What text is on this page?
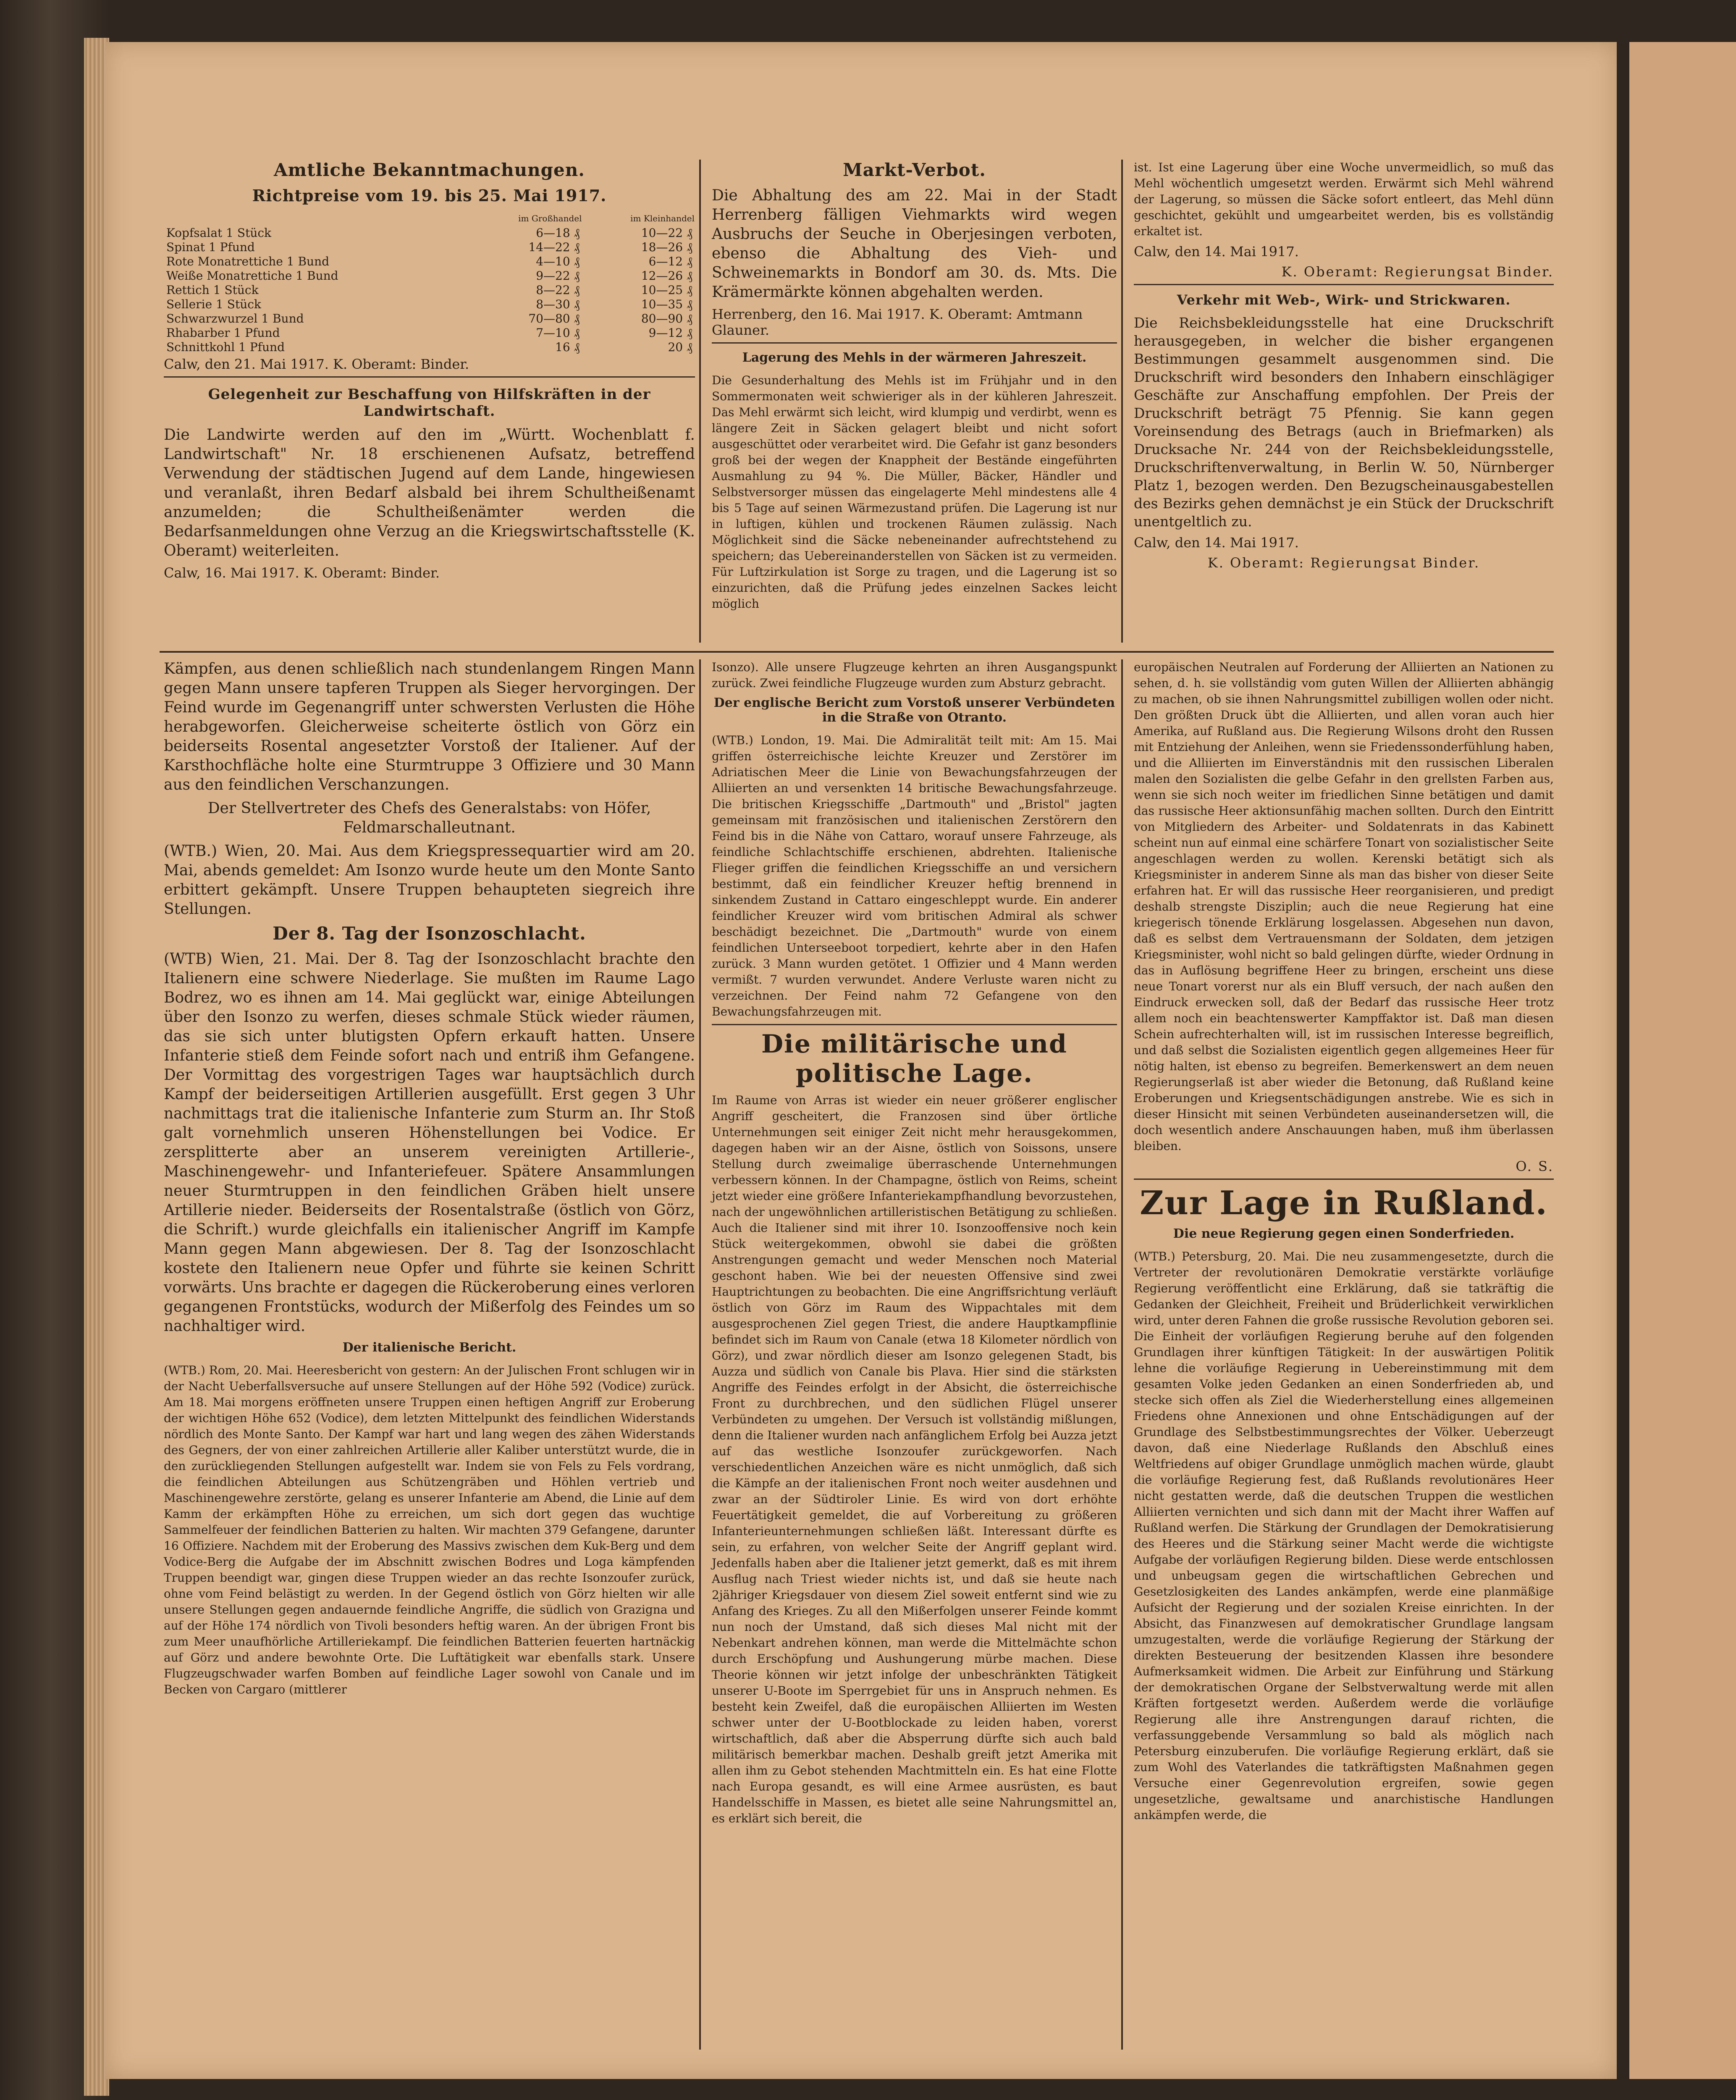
Amtliche Bekanntmachungen.
Richtpreise vom 19. bis 25. Mai 1917.
	im Großhandel	im Kleinhandel
Kopfsalat 1 Stück	6—18 ₰	10—22 ₰
Spinat 1 Pfund	14—22 ₰	18—26 ₰
Rote Monatrettiche 1 Bund	4—10 ₰	6—12 ₰
Weiße Monatrettiche 1 Bund	9—22 ₰	12—26 ₰
Rettich 1 Stück	8—22 ₰	10—25 ₰
Sellerie 1 Stück	8—30 ₰	10—35 ₰
Schwarzwurzel 1 Bund	70—80 ₰	80—90 ₰
Rhabarber 1 Pfund	7—10 ₰	9—12 ₰
Schnittkohl 1 Pfund	16 ₰	20 ₰
Calw, den 21. Mai 1917. K. Oberamt: Binder.
Gelegenheit zur Beschaffung von Hilfskräften in der Landwirtschaft.
Die Landwirte werden auf den im „Württ. Wochenblatt f. Landwirtschaft" Nr. 18 erschienenen Aufsatz, betreffend Verwendung der städtischen Jugend auf dem Lande, hingewiesen und veranlaßt, ihren Bedarf alsbald bei ihrem Schultheißenamt anzumelden; die Schultheißenämter werden die Bedarfsanmeldungen ohne Verzug an die Kriegswirtschaftsstelle (K. Oberamt) weiterleiten.
Calw, 16. Mai 1917. K. Oberamt: Binder.
Markt-Verbot.
Die Abhaltung des am 22. Mai in der Stadt Herrenberg fälligen Viehmarkts wird wegen Ausbruchs der Seuche in Oberjesingen verboten, ebenso die Abhaltung des Vieh- und Schweinemarkts in Bondorf am 30. ds. Mts. Die Krämermärkte können abgehalten werden.
Herrenberg, den 16. Mai 1917. K. Oberamt: Amtmann Glauner.
Lagerung des Mehls in der wärmeren Jahreszeit.
Die Gesunderhaltung des Mehls ist im Frühjahr und in den Sommermonaten weit schwieriger als in der kühleren Jahreszeit. Das Mehl erwärmt sich leicht, wird klumpig und verdirbt, wenn es längere Zeit in Säcken gelagert bleibt und nicht sofort ausgeschüttet oder verarbeitet wird. Die Gefahr ist ganz besonders groß bei der wegen der Knappheit der Bestände eingeführten Ausmahlung zu 94 %. Die Müller, Bäcker, Händler und Selbstversorger müssen das eingelagerte Mehl mindestens alle 4 bis 5 Tage auf seinen Wärmezustand prüfen. Die Lagerung ist nur in luftigen, kühlen und trockenen Räumen zulässig. Nach Möglichkeit sind die Säcke nebeneinander aufrechtstehend zu speichern; das Uebereinanderstellen von Säcken ist zu vermeiden. Für Luftzirkulation ist Sorge zu tragen, und die Lagerung ist so einzurichten, daß die Prüfung jedes einzelnen Sackes leicht möglich
ist. Ist eine Lagerung über eine Woche unvermeidlich, so muß das Mehl wöchentlich umgesetzt werden. Erwärmt sich Mehl während der Lagerung, so müssen die Säcke sofort entleert, das Mehl dünn geschichtet, gekühlt und umgearbeitet werden, bis es vollständig erkaltet ist.
Calw, den 14. Mai 1917.
K. Oberamt: Regierungsat Binder.
Verkehr mit Web-, Wirk- und Strickwaren.
Die Reichsbekleidungsstelle hat eine Druckschrift herausgegeben, in welcher die bisher ergangenen Bestimmungen gesammelt ausgenommen sind. Die Druckschrift wird besonders den Inhabern einschlägiger Geschäfte zur Anschaffung empfohlen. Der Preis der Druckschrift beträgt 75 Pfennig. Sie kann gegen Voreinsendung des Betrags (auch in Briefmarken) als Drucksache Nr. 244 von der Reichsbekleidungsstelle, Druckschriftenverwaltung, in Berlin W. 50, Nürnberger Platz 1, bezogen werden. Den Bezugscheinausgabestellen des Bezirks gehen demnächst je ein Stück der Druckschrift unentgeltlich zu.
Calw, den 14. Mai 1917.
K. Oberamt: Regierungsat Binder.
Kämpfen, aus denen schließlich nach stundenlangem Ringen Mann gegen Mann unsere tapferen Truppen als Sieger hervorgingen. Der Feind wurde im Gegenangriff unter schwersten Verlusten die Höhe herabgeworfen. Gleicherweise scheiterte östlich von Görz ein beiderseits Rosental angesetzter Vorstoß der Italiener. Auf der Karsthochfläche holte eine Sturmtruppe 3 Offiziere und 30 Mann aus den feindlichen Verschanzungen.
Der Stellvertreter des Chefs des Generalstabs: von Höfer, Feldmarschalleutnant.
(WTB.) Wien, 20. Mai. Aus dem Kriegspressequartier wird am 20. Mai, abends gemeldet: Am Isonzo wurde heute um den Monte Santo erbittert gekämpft. Unsere Truppen behaupteten siegreich ihre Stellungen.
Der 8. Tag der Isonzoschlacht.
(WTB) Wien, 21. Mai. Der 8. Tag der Isonzoschlacht brachte den Italienern eine schwere Niederlage. Sie mußten im Raume Lago Bodrez, wo es ihnen am 14. Mai geglückt war, einige Abteilungen über den Isonzo zu werfen, dieses schmale Stück wieder räumen, das sie sich unter blutigsten Opfern erkauft hatten. Unsere Infanterie stieß dem Feinde sofort nach und entriß ihm Gefangene. Der Vormittag des vorgestrigen Tages war hauptsächlich durch Kampf der beiderseitigen Artillerien ausgefüllt. Erst gegen 3 Uhr nachmittags trat die italienische Infanterie zum Sturm an. Ihr Stoß galt vornehmlich unseren Höhenstellungen bei Vodice. Er zersplitterte aber an unserem vereinigten Artillerie-, Maschinengewehr- und Infanteriefeuer. Spätere Ansammlungen neuer Sturmtruppen in den feindlichen Gräben hielt unsere Artillerie nieder. Beiderseits der Rosentalstraße (östlich von Görz, die Schrift.) wurde gleichfalls ein italienischer Angriff im Kampfe Mann gegen Mann abgewiesen. Der 8. Tag der Isonzoschlacht kostete den Italienern neue Opfer und führte sie keinen Schritt vorwärts. Uns brachte er dagegen die Rückeroberung eines verloren gegangenen Frontstücks, wodurch der Mißerfolg des Feindes um so nachhaltiger wird.
Der italienische Bericht.
(WTB.) Rom, 20. Mai. Heeresbericht von gestern: An der Julischen Front schlugen wir in der Nacht Ueberfallsversuche auf unsere Stellungen auf der Höhe 592 (Vodice) zurück. Am 18. Mai morgens eröffneten unsere Truppen einen heftigen Angriff zur Eroberung der wichtigen Höhe 652 (Vodice), dem letzten Mittelpunkt des feindlichen Widerstands nördlich des Monte Santo. Der Kampf war hart und lang wegen des zähen Widerstands des Gegners, der von einer zahlreichen Artillerie aller Kaliber unterstützt wurde, die in den zurückliegenden Stellungen aufgestellt war. Indem sie von Fels zu Fels vordrang, die feindlichen Abteilungen aus Schützengräben und Höhlen vertrieb und Maschinengewehre zerstörte, gelang es unserer Infanterie am Abend, die Linie auf dem Kamm der erkämpften Höhe zu erreichen, um sich dort gegen das wuchtige Sammelfeuer der feindlichen Batterien zu halten. Wir machten 379 Gefangene, darunter 16 Offiziere. Nachdem mit der Eroberung des Massivs zwischen dem Kuk-Berg und dem Vodice-Berg die Aufgabe der im Abschnitt zwischen Bodres und Loga kämpfenden Truppen beendigt war, gingen diese Truppen wieder an das rechte Isonzoufer zurück, ohne vom Feind belästigt zu werden. In der Gegend östlich von Görz hielten wir alle unsere Stellungen gegen andauernde feindliche Angriffe, die südlich von Grazigna und auf der Höhe 174 nördlich von Tivoli besonders heftig waren. An der übrigen Front bis zum Meer unaufhörliche Artilleriekampf. Die feindlichen Batterien feuerten hartnäckig auf Görz und andere bewohnte Orte. Die Luftätigkeit war ebenfalls stark. Unsere Flugzeugschwader warfen Bomben auf feindliche Lager sowohl von Canale und im Becken von Cargaro (mittlerer
Isonzo). Alle unsere Flugzeuge kehrten an ihren Ausgangspunkt zurück. Zwei feindliche Flugzeuge wurden zum Absturz gebracht.
Der englische Bericht zum Vorstoß unserer Verbündeten in die Straße von Otranto.
(WTB.) London, 19. Mai. Die Admiralität teilt mit: Am 15. Mai griffen österreichische leichte Kreuzer und Zerstörer im Adriatischen Meer die Linie von Bewachungsfahrzeugen der Alliierten an und versenkten 14 britische Bewachungsfahrzeuge. Die britischen Kriegsschiffe „Dartmouth" und „Bristol" jagten gemeinsam mit französischen und italienischen Zerstörern den Feind bis in die Nähe von Cattaro, worauf unsere Fahrzeuge, als feindliche Schlachtschiffe erschienen, abdrehten. Italienische Flieger griffen die feindlichen Kriegsschiffe an und versichern bestimmt, daß ein feindlicher Kreuzer heftig brennend in sinkendem Zustand in Cattaro eingeschleppt wurde. Ein anderer feindlicher Kreuzer wird vom britischen Admiral als schwer beschädigt bezeichnet. Die „Dartmouth" wurde von einem feindlichen Unterseeboot torpediert, kehrte aber in den Hafen zurück. 3 Mann wurden getötet. 1 Offizier und 4 Mann werden vermißt. 7 wurden verwundet. Andere Verluste waren nicht zu verzeichnen. Der Feind nahm 72 Gefangene von den Bewachungsfahrzeugen mit.
Die militärische und politische Lage.
Im Raume von Arras ist wieder ein neuer größerer englischer Angriff gescheitert, die Franzosen sind über örtliche Unternehmungen seit einiger Zeit nicht mehr herausgekommen, dagegen haben wir an der Aisne, östlich von Soissons, unsere Stellung durch zweimalige überraschende Unternehmungen verbessern können. In der Champagne, östlich von Reims, scheint jetzt wieder eine größere Infanteriekampfhandlung bevorzustehen, nach der ungewöhnlichen artilleristischen Betätigung zu schließen. Auch die Italiener sind mit ihrer 10. Isonzooffensive noch kein Stück weitergekommen, obwohl sie dabei die größten Anstrengungen gemacht und weder Menschen noch Material geschont haben. Wie bei der neuesten Offensive sind zwei Hauptrichtungen zu beobachten. Die eine Angriffsrichtung verläuft östlich von Görz im Raum des Wippachtales mit dem ausgesprochenen Ziel gegen Triest, die andere Hauptkampflinie befindet sich im Raum von Canale (etwa 18 Kilometer nördlich von Görz), und zwar nördlich dieser am Isonzo gelegenen Stadt, bis Auzza und südlich von Canale bis Plava. Hier sind die stärksten Angriffe des Feindes erfolgt in der Absicht, die österreichische Front zu durchbrechen, und den südlichen Flügel unserer Verbündeten zu umgehen. Der Versuch ist vollständig mißlungen, denn die Italiener wurden nach anfänglichem Erfolg bei Auzza jetzt auf das westliche Isonzoufer zurückgeworfen. Nach verschiedentlichen Anzeichen wäre es nicht unmöglich, daß sich die Kämpfe an der italienischen Front noch weiter ausdehnen und zwar an der Südtiroler Linie. Es wird von dort erhöhte Feuertätigkeit gemeldet, die auf Vorbereitung zu größeren Infanterieunternehmungen schließen läßt. Interessant dürfte es sein, zu erfahren, von welcher Seite der Angriff geplant wird. Jedenfalls haben aber die Italiener jetzt gemerkt, daß es mit ihrem Ausflug nach Triest wieder nichts ist, und daß sie heute nach 2jähriger Kriegsdauer von diesem Ziel soweit entfernt sind wie zu Anfang des Krieges. Zu all den Mißerfolgen unserer Feinde kommt nun noch der Umstand, daß sich dieses Mal nicht mit der Nebenkart andrehen können, man werde die Mittelmächte schon durch Erschöpfung und Aushungerung mürbe machen. Diese Theorie können wir jetzt infolge der unbeschränkten Tätigkeit unserer U-Boote im Sperrgebiet für uns in Anspruch nehmen. Es besteht kein Zweifel, daß die europäischen Alliierten im Westen schwer unter der U-Bootblockade zu leiden haben, vorerst wirtschaftlich, daß aber die Absperrung dürfte sich auch bald militärisch bemerkbar machen. Deshalb greift jetzt Amerika mit allen ihm zu Gebot stehenden Machtmitteln ein. Es hat eine Flotte nach Europa gesandt, es will eine Armee ausrüsten, es baut Handelsschiffe in Massen, es bietet alle seine Nahrungsmittel an, es erklärt sich bereit, die
europäischen Neutralen auf Forderung der Alliierten an Nationen zu sehen, d. h. sie vollständig vom guten Willen der Alliierten abhängig zu machen, ob sie ihnen Nahrungsmittel zubilligen wollen oder nicht. Den größten Druck übt die Alliierten, und allen voran auch hier Amerika, auf Rußland aus. Die Regierung Wilsons droht den Russen mit Entziehung der Anleihen, wenn sie Friedenssonderfühlung haben, und die Alliierten im Einverständnis mit den russischen Liberalen malen den Sozialisten die gelbe Gefahr in den grellsten Farben aus, wenn sie sich noch weiter im friedlichen Sinne betätigen und damit das russische Heer aktionsunfähig machen sollten. Durch den Eintritt von Mitgliedern des Arbeiter- und Soldatenrats in das Kabinett scheint nun auf einmal eine schärfere Tonart von sozialistischer Seite angeschlagen werden zu wollen. Kerenski betätigt sich als Kriegsminister in anderem Sinne als man das bisher von dieser Seite erfahren hat. Er will das russische Heer reorganisieren, und predigt deshalb strengste Disziplin; auch die neue Regierung hat eine kriegerisch tönende Erklärung losgelassen. Abgesehen nun davon, daß es selbst dem Vertrauensmann der Soldaten, dem jetzigen Kriegsminister, wohl nicht so bald gelingen dürfte, wieder Ordnung in das in Auflösung begriffene Heer zu bringen, erscheint uns diese neue Tonart vorerst nur als ein Bluff versuch, der nach außen den Eindruck erwecken soll, daß der Bedarf das russische Heer trotz allem noch ein beachtenswerter Kampffaktor ist. Daß man diesen Schein aufrechterhalten will, ist im russischen Interesse begreiflich, und daß selbst die Sozialisten eigentlich gegen allgemeines Heer für nötig halten, ist ebenso zu begreifen. Bemerkenswert an dem neuen Regierungserlaß ist aber wieder die Betonung, daß Rußland keine Eroberungen und Kriegsentschädigungen anstrebe. Wie es sich in dieser Hinsicht mit seinen Verbündeten auseinandersetzen will, die doch wesentlich andere Anschauungen haben, muß ihm überlassen bleiben.
O. S.
Zur Lage in Rußland.
Die neue Regierung gegen einen Sonderfrieden.
(WTB.) Petersburg, 20. Mai. Die neu zusammengesetzte, durch die Vertreter der revolutionären Demokratie verstärkte vorläufige Regierung veröffentlicht eine Erklärung, daß sie tatkräftig die Gedanken der Gleichheit, Freiheit und Brüderlichkeit verwirklichen wird, unter deren Fahnen die große russische Revolution geboren sei. Die Einheit der vorläufigen Regierung beruhe auf den folgenden Grundlagen ihrer künftigen Tätigkeit: In der auswärtigen Politik lehne die vorläufige Regierung in Uebereinstimmung mit dem gesamten Volke jeden Gedanken an einen Sonderfrieden ab, und stecke sich offen als Ziel die Wiederherstellung eines allgemeinen Friedens ohne Annexionen und ohne Entschädigungen auf der Grundlage des Selbstbestimmungsrechtes der Völker. Ueberzeugt davon, daß eine Niederlage Rußlands den Abschluß eines Weltfriedens auf obiger Grundlage unmöglich machen würde, glaubt die vorläufige Regierung fest, daß Rußlands revolutionäres Heer nicht gestatten werde, daß die deutschen Truppen die westlichen Alliierten vernichten und sich dann mit der Macht ihrer Waffen auf Rußland werfen. Die Stärkung der Grundlagen der Demokratisierung des Heeres und die Stärkung seiner Macht werde die wichtigste Aufgabe der vorläufigen Regierung bilden. Diese werde entschlossen und unbeugsam gegen die wirtschaftlichen Gebrechen und Gesetzlosigkeiten des Landes ankämpfen, werde eine planmäßige Aufsicht der Regierung und der sozialen Kreise einrichten. In der Absicht, das Finanzwesen auf demokratischer Grundlage langsam umzugestalten, werde die vorläufige Regierung der Stärkung der direkten Besteuerung der besitzenden Klassen ihre besondere Aufmerksamkeit widmen. Die Arbeit zur Einführung und Stärkung der demokratischen Organe der Selbstverwaltung werde mit allen Kräften fortgesetzt werden. Außerdem werde die vorläufige Regierung alle ihre Anstrengungen darauf richten, die verfassunggebende Versammlung so bald als möglich nach Petersburg einzuberufen. Die vorläufige Regierung erklärt, daß sie zum Wohl des Vaterlandes die tatkräftigsten Maßnahmen gegen Versuche einer Gegenrevolution ergreifen, sowie gegen ungesetzliche, gewaltsame und anarchistische Handlungen ankämpfen werde, die
